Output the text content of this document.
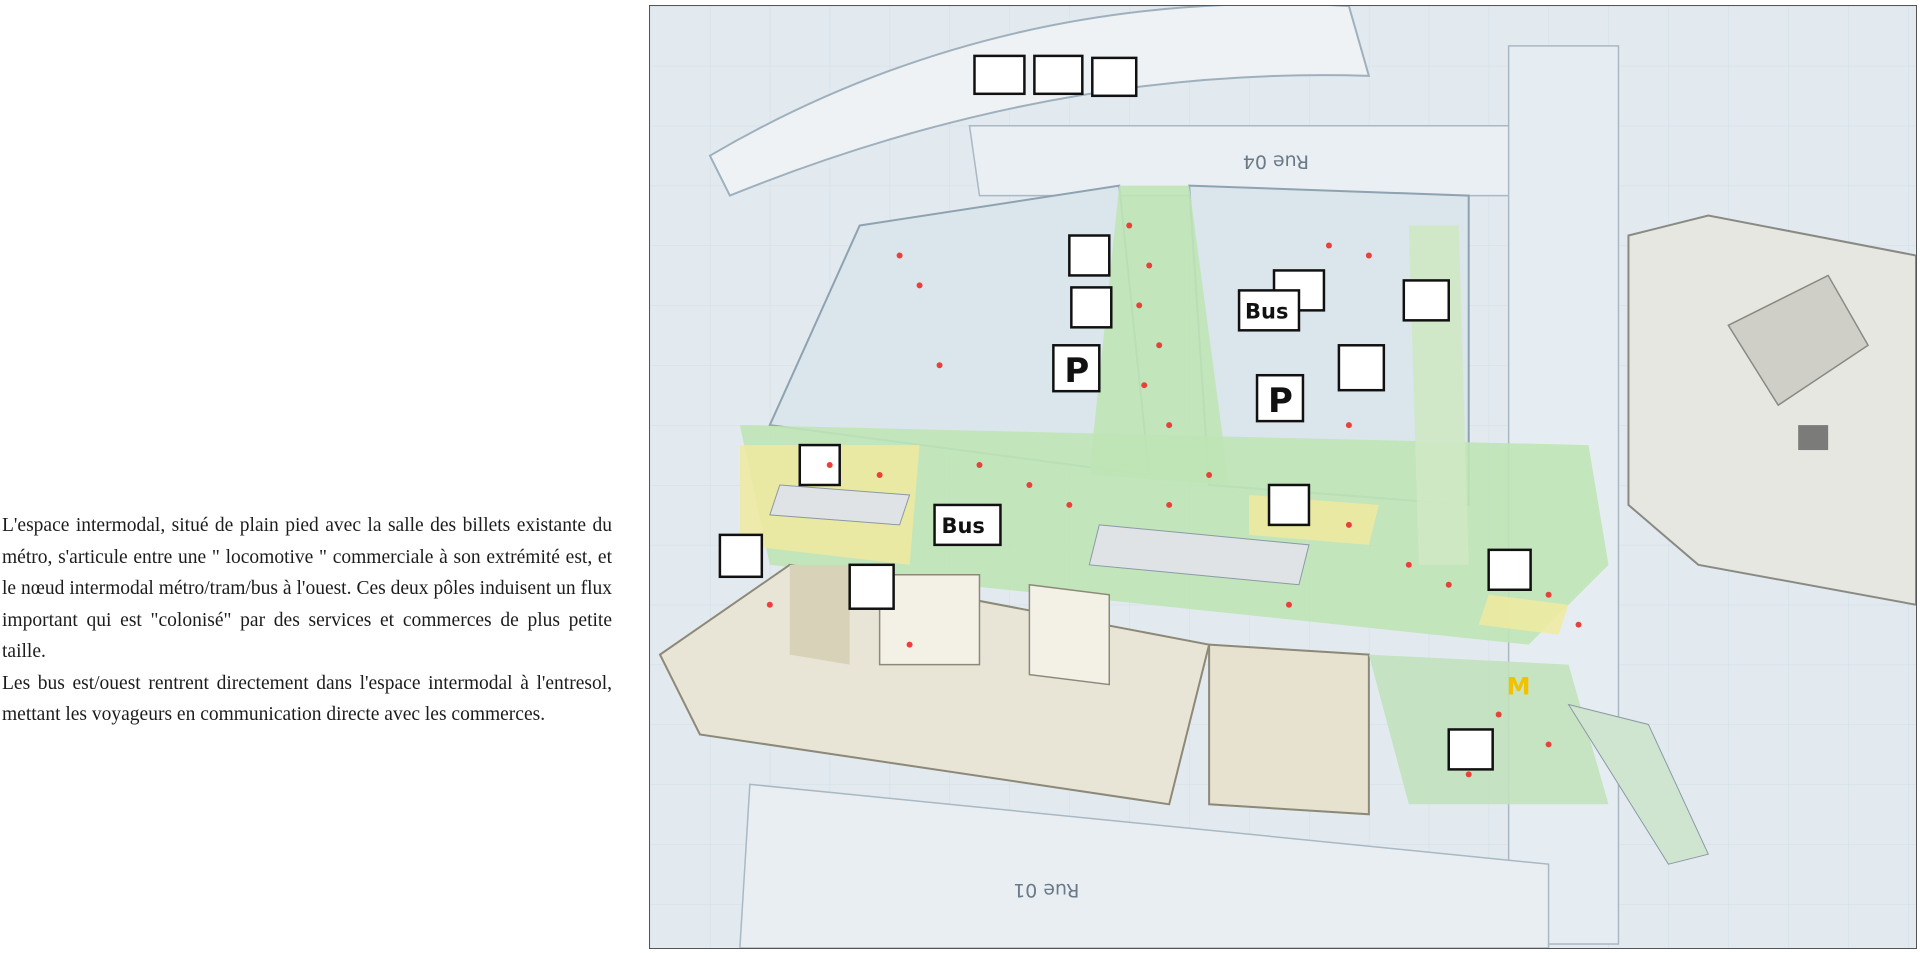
L'espace intermodal, situé de plain pied avec la salle des billets existante du métro, s'articule entre une " locomotive " commerciale à son extrémité est, et le nœud intermodal métro/tram/bus à l'ouest. Ces deux pôles induisent un flux important qui est "colonisé" par des services et commerces de plus petite taille.

Les bus est/ouest rentrent directement dans l'espace intermodal à l'entresol, mettant les voyageurs en communication directe avec les commerces.

Rue 04
Rue 01
M
P
P
Bus
Bus
